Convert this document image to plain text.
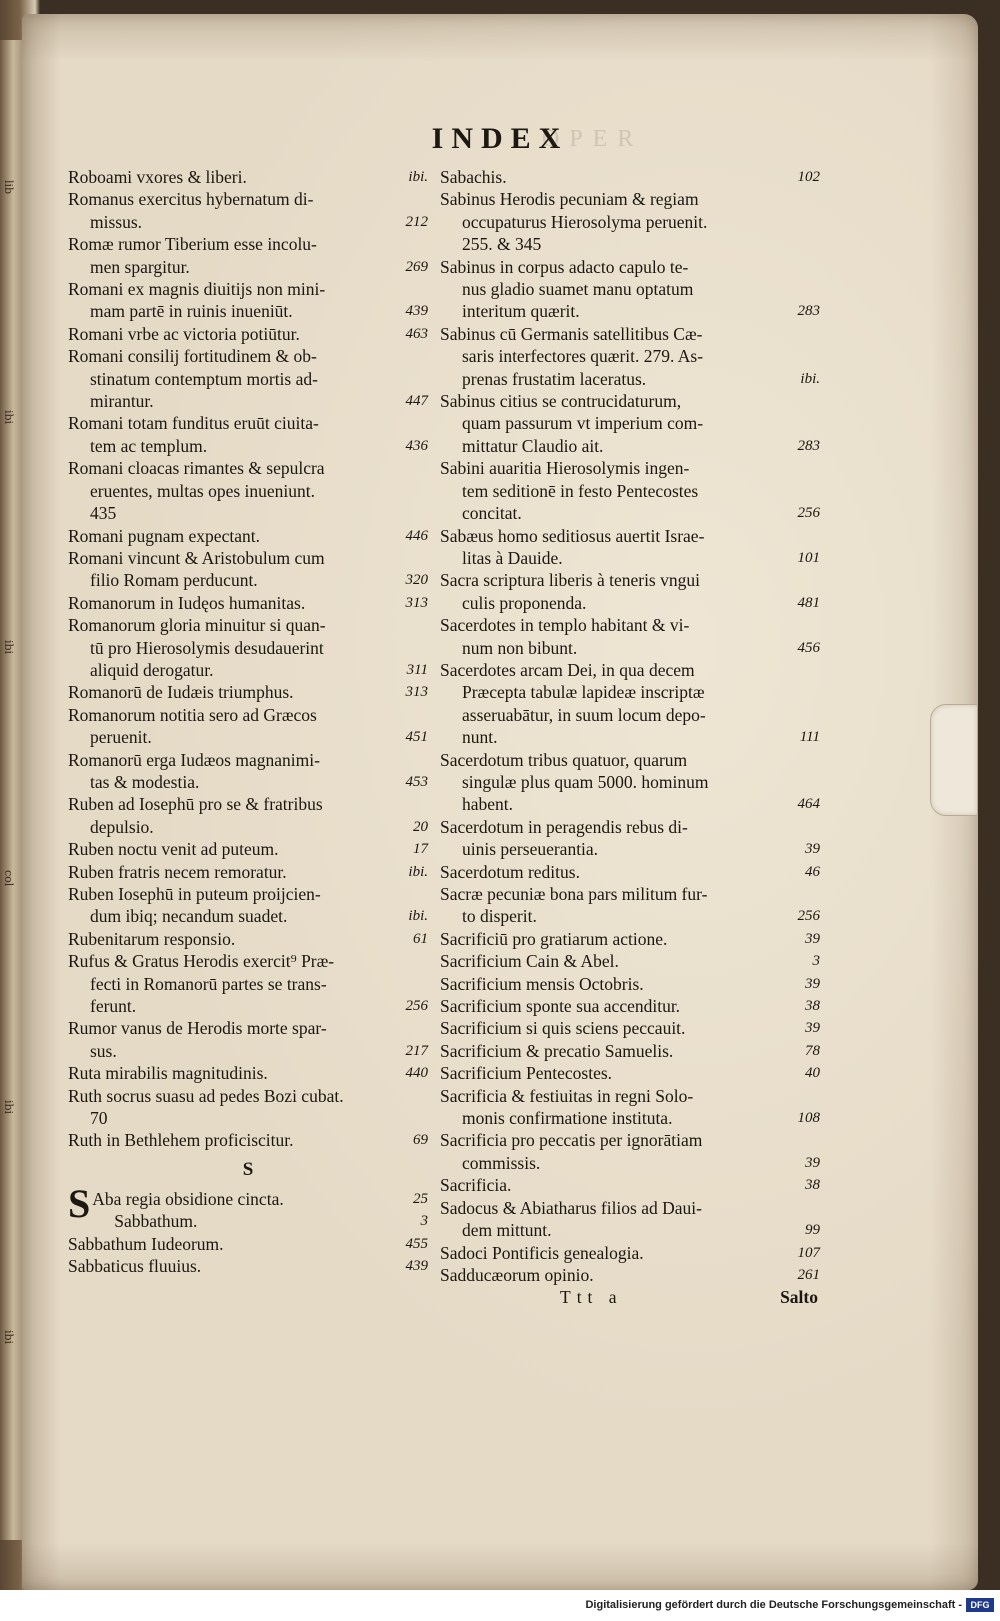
lib
ibi
ibi
col
ibi
ibi
OPER
INDEX
ibi.
Roboami vxores & liberi.
Romanus exercitus hybernatum di-
212
missus.
Romæ rumor Tiberium esse incolu-
269
men spargitur.
Romani ex magnis diuitijs non mini-
439
mam partē in ruinis inueniūt.
463
Romani vrbe ac victoria potiūtur.
Romani consilij fortitudinem & ob-
stinatum contemptum mortis ad-
447
mirantur.
Romani totam funditus eruūt ciuita-
436
tem ac templum.
Romani cloacas rimantes & sepulcra
eruentes, multas opes inueniunt.
435
446
Romani pugnam expectant.
Romani vincunt & Aristobulum cum
320
filio Romam perducunt.
313
Romanorum in Iudęos humanitas.
Romanorum gloria minuitur si quan-
tū pro Hierosolymis desudauerint
311
aliquid derogatur.
313
Romanorū de Iudæis triumphus.
Romanorum notitia sero ad Græcos
451
peruenit.
Romanorū erga Iudæos magnanimi-
453
tas & modestia.
Ruben ad Iosephū pro se & fratribus
20
depulsio.
17
Ruben noctu venit ad puteum.
ibi.
Ruben fratris necem remoratur.
Ruben Iosephū in puteum proijcien-
ibi.
dum ibiq; necandum suadet.
61
Rubenitarum responsio.
Rufus & Gratus Herodis exercit⁹ Præ-
fecti in Romanorū partes se trans-
256
ferunt.
Rumor vanus de Herodis morte spar-
217
sus.
440
Ruta mirabilis magnitudinis.
Ruth socrus suasu ad pedes Bozi cubat.
70
69
Ruth in Bethlehem proficiscitur.
S
25
S Aba regia obsidione cincta.
3
Sabbathum.
455
Sabbathum Iudeorum.
439
Sabbaticus fluuius.
102
Sabachis.
Sabinus Herodis pecuniam & regiam
occupaturus Hierosolyma peruenit.
255. & 345
Sabinus in corpus adacto capulo te-
nus gladio suamet manu optatum
283
interitum quærit.
Sabinus cū Germanis satellitibus Cæ-
saris interfectores quærit. 279. As-
ibi.
prenas frustatim laceratus.
Sabinus citius se contrucidaturum,
quam passurum vt imperium com-
283
mittatur Claudio ait.
Sabini auaritia Hierosolymis ingen-
tem seditionē in festo Pentecostes
256
concitat.
Sabæus homo seditiosus auertit Israe-
101
litas à Dauide.
Sacra scriptura liberis à teneris vngui
481
culis proponenda.
Sacerdotes in templo habitant & vi-
456
num non bibunt.
Sacerdotes arcam Dei, in qua decem
Præcepta tabulæ lapideæ inscriptæ
asseruabātur, in suum locum depo-
111
nunt.
Sacerdotum tribus quatuor, quarum
singulæ plus quam 5000. hominum
464
habent.
Sacerdotum in peragendis rebus di-
39
uinis perseuerantia.
46
Sacerdotum reditus.
Sacræ pecuniæ bona pars militum fur-
256
to disperit.
39
Sacrificiū pro gratiarum actione.
3
Sacrificium Cain & Abel.
39
Sacrificium mensis Octobris.
38
Sacrificium sponte sua accenditur.
39
Sacrificium si quis sciens peccauit.
78
Sacrificium & precatio Samuelis.
40
Sacrificium Pentecostes.
Sacrificia & festiuitas in regni Solo-
108
monis confirmatione instituta.
Sacrificia pro peccatis per ignorātiam
39
commissis.
38
Sacrificia.
Sadocus & Abiatharus filios ad Daui-
99
dem mittunt.
107
Sadoci Pontificis genealogia.
261
Sadducæorum opinio.
Ttt a	Salto
Digitalisierung gefördert durch die Deutsche Forschungsgemeinschaft - DFG
